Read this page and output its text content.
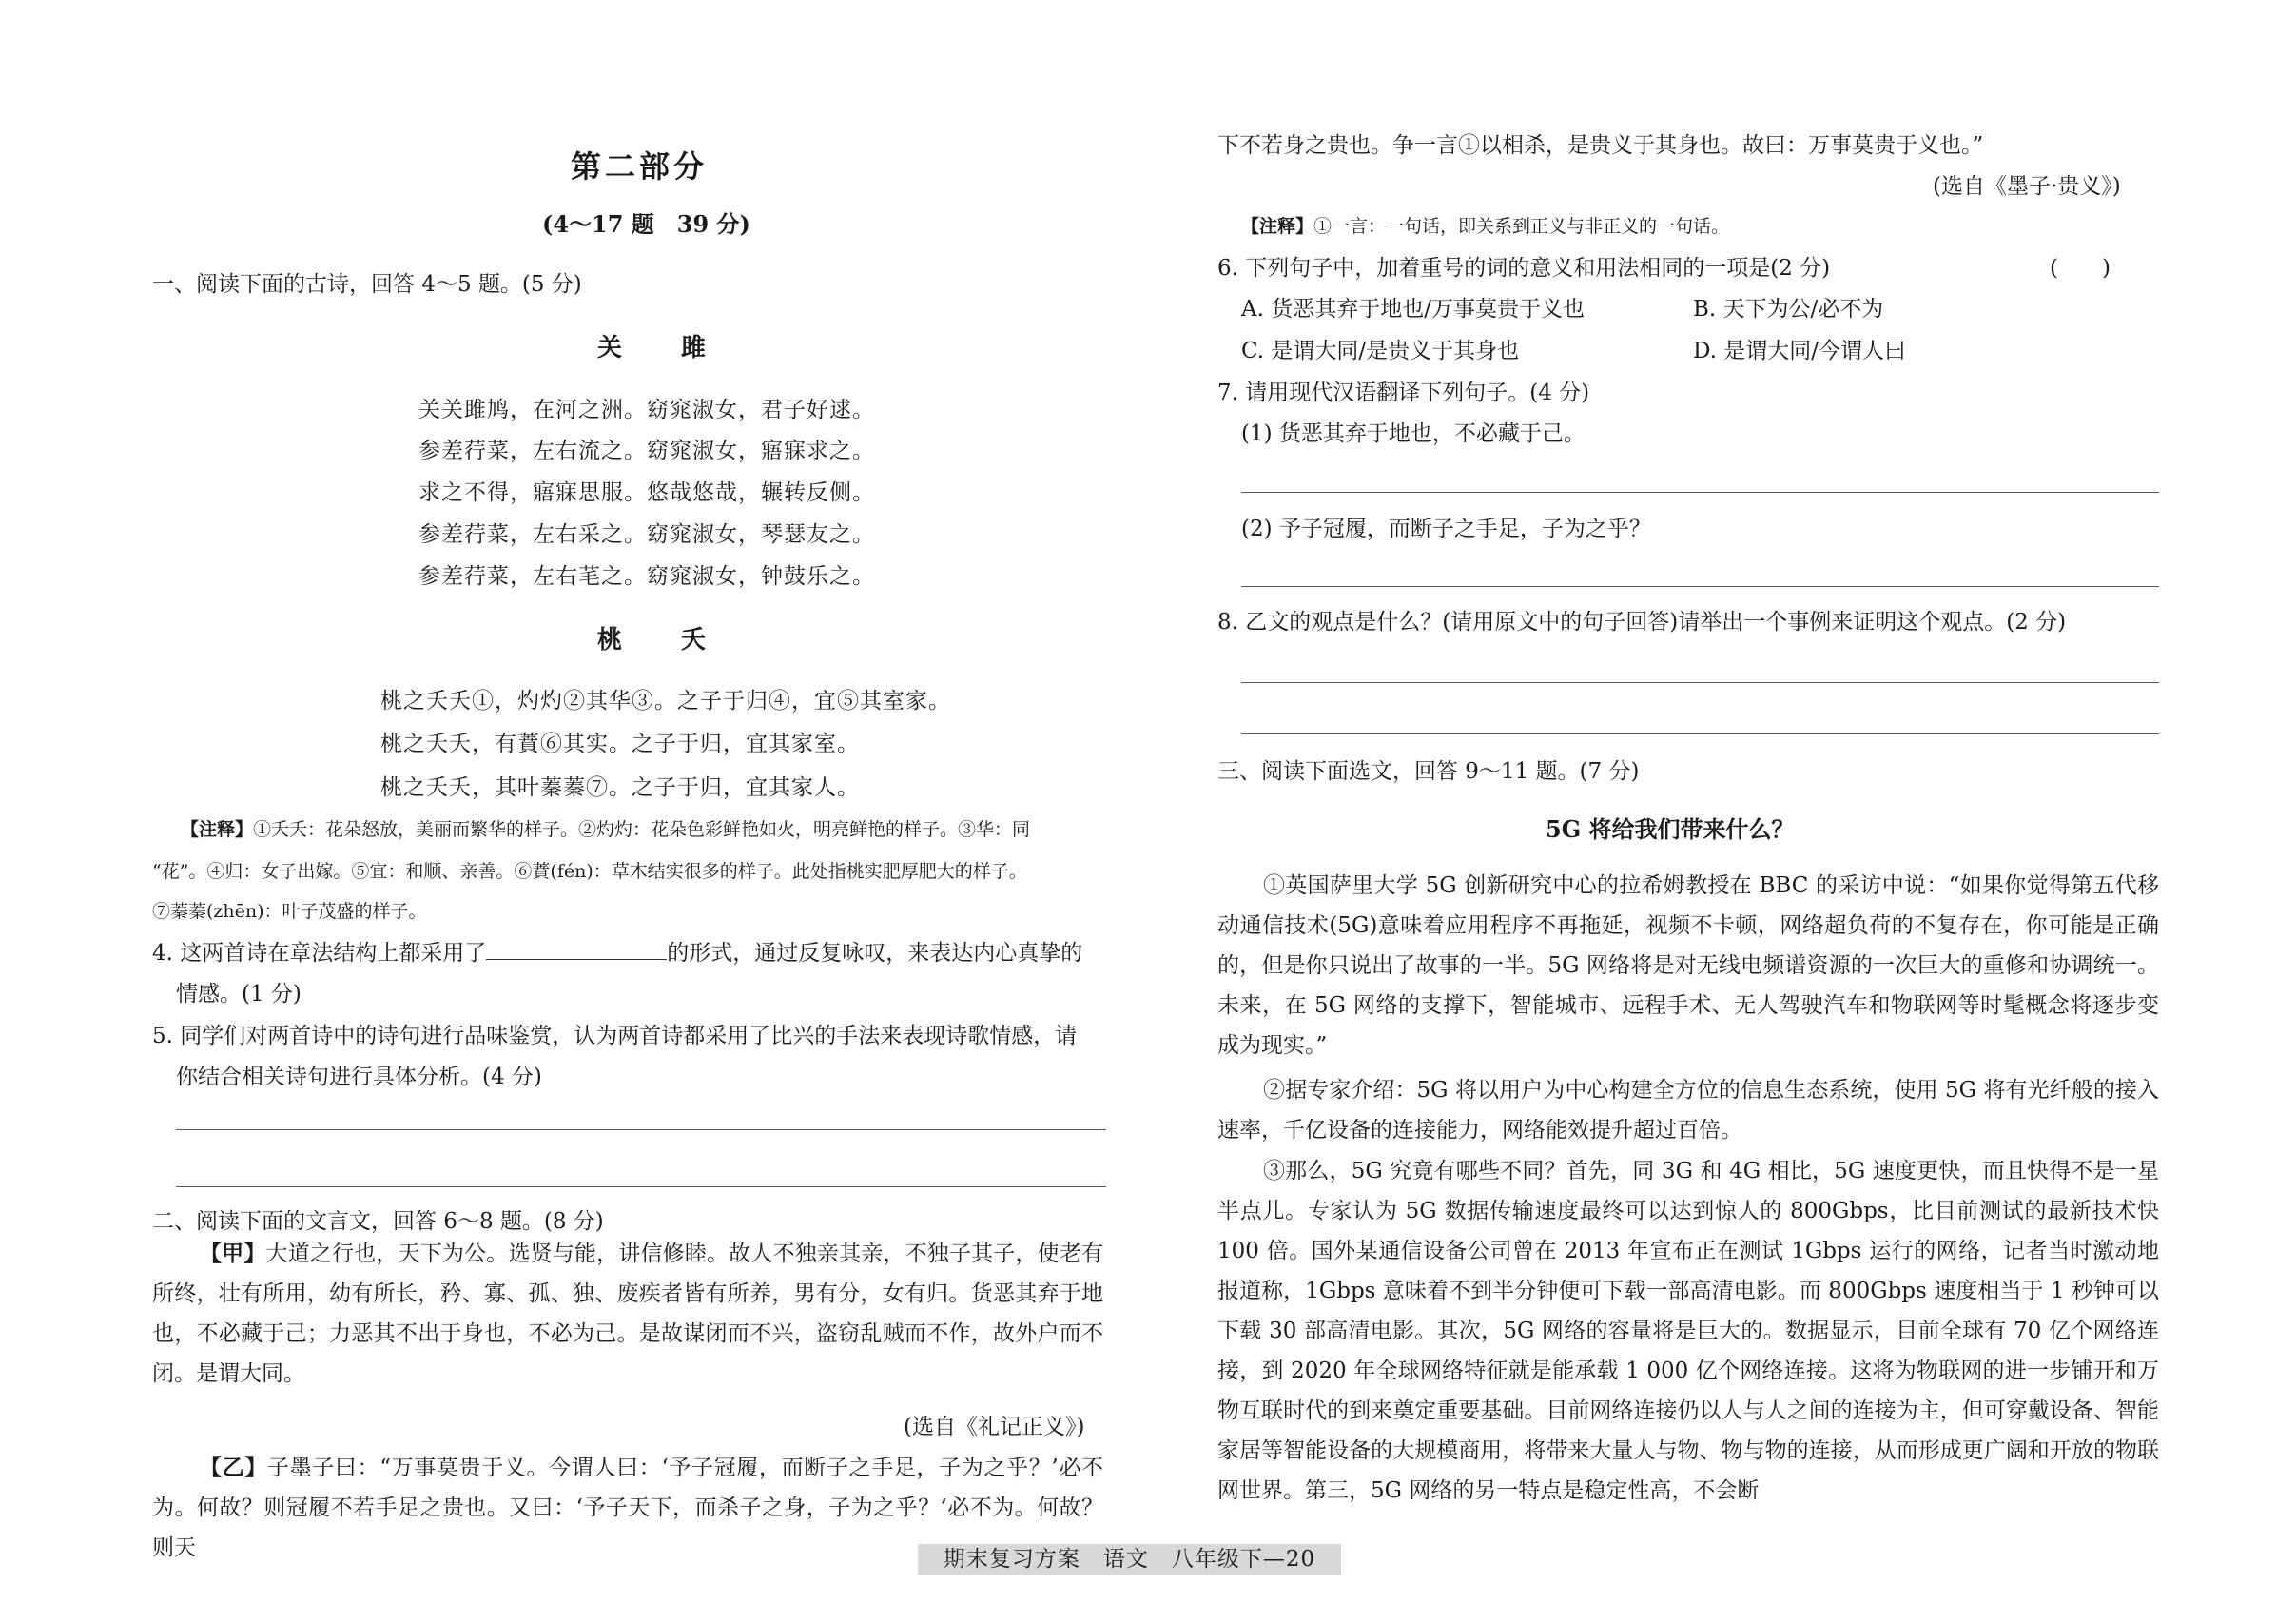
第二部分
(4～17 题　39 分)
一、阅读下面的古诗，回答 4～5 题。(5 分)
关　雎
关关雎鸠，在河之洲。窈窕淑女，君子好逑。
参差荇菜，左右流之。窈窕淑女，寤寐求之。
求之不得，寤寐思服。悠哉悠哉，辗转反侧。
参差荇菜，左右采之。窈窕淑女，琴瑟友之。
参差荇菜，左右芼之。窈窕淑女，钟鼓乐之。
桃　夭
桃之夭夭①，灼灼②其华③。之子于归④，宜⑤其室家。
桃之夭夭，有蕡⑥其实。之子于归，宜其家室。
桃之夭夭，其叶蓁蓁⑦。之子于归，宜其家人。
【注释】①夭夭：花朵怒放，美丽而繁华的样子。②灼灼：花朵色彩鲜艳如火，明亮鲜艳的样子。③华：同
“花”。④归：女子出嫁。⑤宜：和顺、亲善。⑥蕡(fén)：草木结实很多的样子。此处指桃实肥厚肥大的样子。
⑦蓁蓁(zhēn)：叶子茂盛的样子。
4. 这两首诗在章法结构上都采用了	的形式，通过反复咏叹，来表达内心真挚的
情感。(1 分)
5. 同学们对两首诗中的诗句进行品味鉴赏，认为两首诗都采用了比兴的手法来表现诗歌情感，请
你结合相关诗句进行具体分析。(4 分)
二、阅读下面的文言文，回答 6～8 题。(8 分)
【甲】大道之行也，天下为公。选贤与能，讲信修睦。故人不独亲其亲，不独子其子，使老有所终，壮有所用，幼有所长，矜、寡、孤、独、废疾者皆有所养，男有分，女有归。货恶其弃于地也，不必藏于己；力恶其不出于身也，不必为己。是故谋闭而不兴，盗窃乱贼而不作，故外户而不闭。是谓大同。
(选自《礼记正义》)
【乙】子墨子曰：“万事莫贵于义。今谓人曰：‘予子冠履，而断子之手足，子为之乎？’必不为。何故？则冠履不若手足之贵也。又曰：‘予子天下，而杀子之身，子为之乎？’必不为。何故？则天
下不若身之贵也。争一言①以相杀，是贵义于其身也。故曰：万事莫贵于义也。”
(选自《墨子·贵义》)
【注释】①一言：一句话，即关系到正义与非正义的一句话。
6. 下列句子中，加着重号的词的意义和用法相同的一项是(2 分)	(　　)
A. 货恶其弃于地也/万事莫贵于义也	B. 天下为公/必不为
C. 是谓大同/是贵义于其身也	D. 是谓大同/今谓人曰
7. 请用现代汉语翻译下列句子。(4 分)
(1) 货恶其弃于地也，不必藏于己。
(2) 予子冠履，而断子之手足，子为之乎？
8. 乙文的观点是什么？(请用原文中的句子回答)请举出一个事例来证明这个观点。(2 分)
三、阅读下面选文，回答 9～11 题。(7 分)
5G 将给我们带来什么？
①英国萨里大学 5G 创新研究中心的拉希姆教授在 BBC 的采访中说：“如果你觉得第五代移动通信技术(5G)意味着应用程序不再拖延，视频不卡顿，网络超负荷的不复存在，你可能是正确的，但是你只说出了故事的一半。5G 网络将是对无线电频谱资源的一次巨大的重修和协调统一。未来，在 5G 网络的支撑下，智能城市、远程手术、无人驾驶汽车和物联网等时髦概念将逐步变成为现实。”
②据专家介绍：5G 将以用户为中心构建全方位的信息生态系统，使用 5G 将有光纤般的接入速率，千亿设备的连接能力，网络能效提升超过百倍。
③那么，5G 究竟有哪些不同？首先，同 3G 和 4G 相比，5G 速度更快，而且快得不是一星半点儿。专家认为 5G 数据传输速度最终可以达到惊人的 800Gbps，比目前测试的最新技术快 100 倍。国外某通信设备公司曾在 2013 年宣布正在测试 1Gbps 运行的网络，记者当时激动地报道称，1Gbps 意味着不到半分钟便可下载一部高清电影。而 800Gbps 速度相当于 1 秒钟可以下载 30 部高清电影。其次，5G 网络的容量将是巨大的。数据显示，目前全球有 70 亿个网络连接，到 2020 年全球网络特征就是能承载 1 000 亿个网络连接。这将为物联网的进一步铺开和万物互联时代的到来奠定重要基础。目前网络连接仍以人与人之间的连接为主，但可穿戴设备、智能家居等智能设备的大规模商用，将带来大量人与物、物与物的连接，从而形成更广阔和开放的物联网世界。第三，5G 网络的另一特点是稳定性高，不会断
期末复习方案　语文　八年级下—20
